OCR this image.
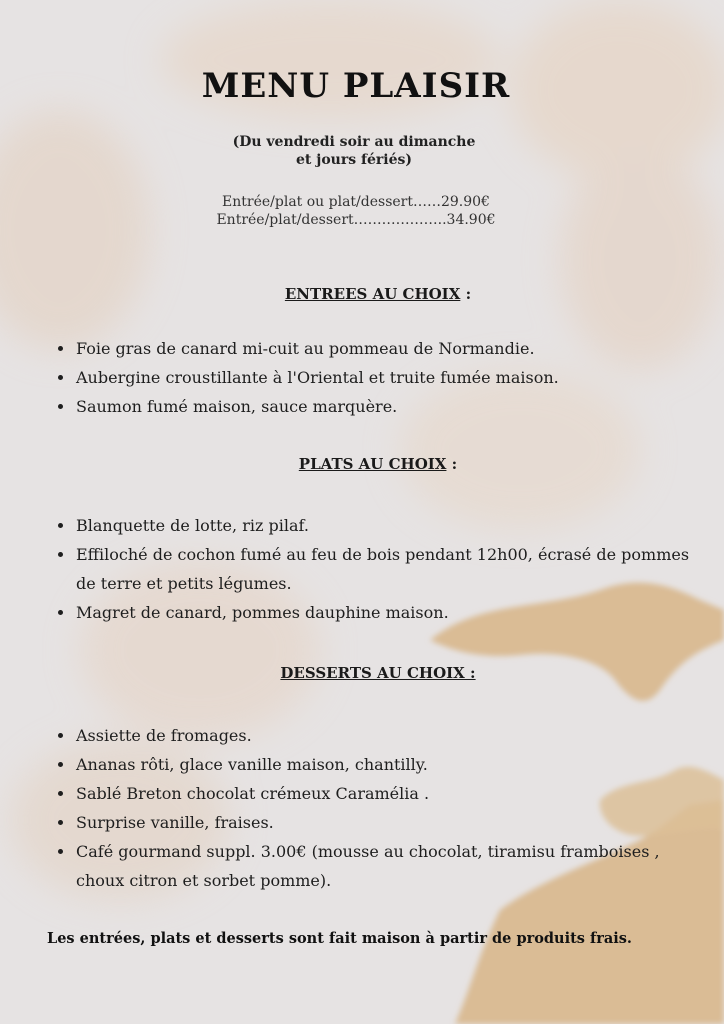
MENU PLAISIR
(Du vendredi soir au dimanche
et jours fériés)
Entrée/plat ou plat/dessert……29.90€
Entrée/plat/dessert………………..34.90€
ENTREES AU CHOIX :
Foie gras de canard mi-cuit au pommeau de Normandie.
Aubergine croustillante à l'Oriental et truite fumée maison.
Saumon fumé maison, sauce marquère.
PLATS AU CHOIX :
Blanquette de lotte, riz pilaf.
Effiloché de cochon fumé au feu de bois pendant 12h00, écrasé de pommes de terre et petits légumes.
Magret de canard, pommes dauphine maison.
DESSERTS AU CHOIX :
Assiette de fromages.
Ananas rôti, glace vanille maison, chantilly.
Sablé Breton chocolat crémeux Caramélia .
Surprise vanille, fraises.
Café gourmand suppl. 3.00€ (mousse au chocolat, tiramisu framboises , choux citron et sorbet pomme).
Les entrées, plats et desserts sont fait maison à partir de produits frais.
